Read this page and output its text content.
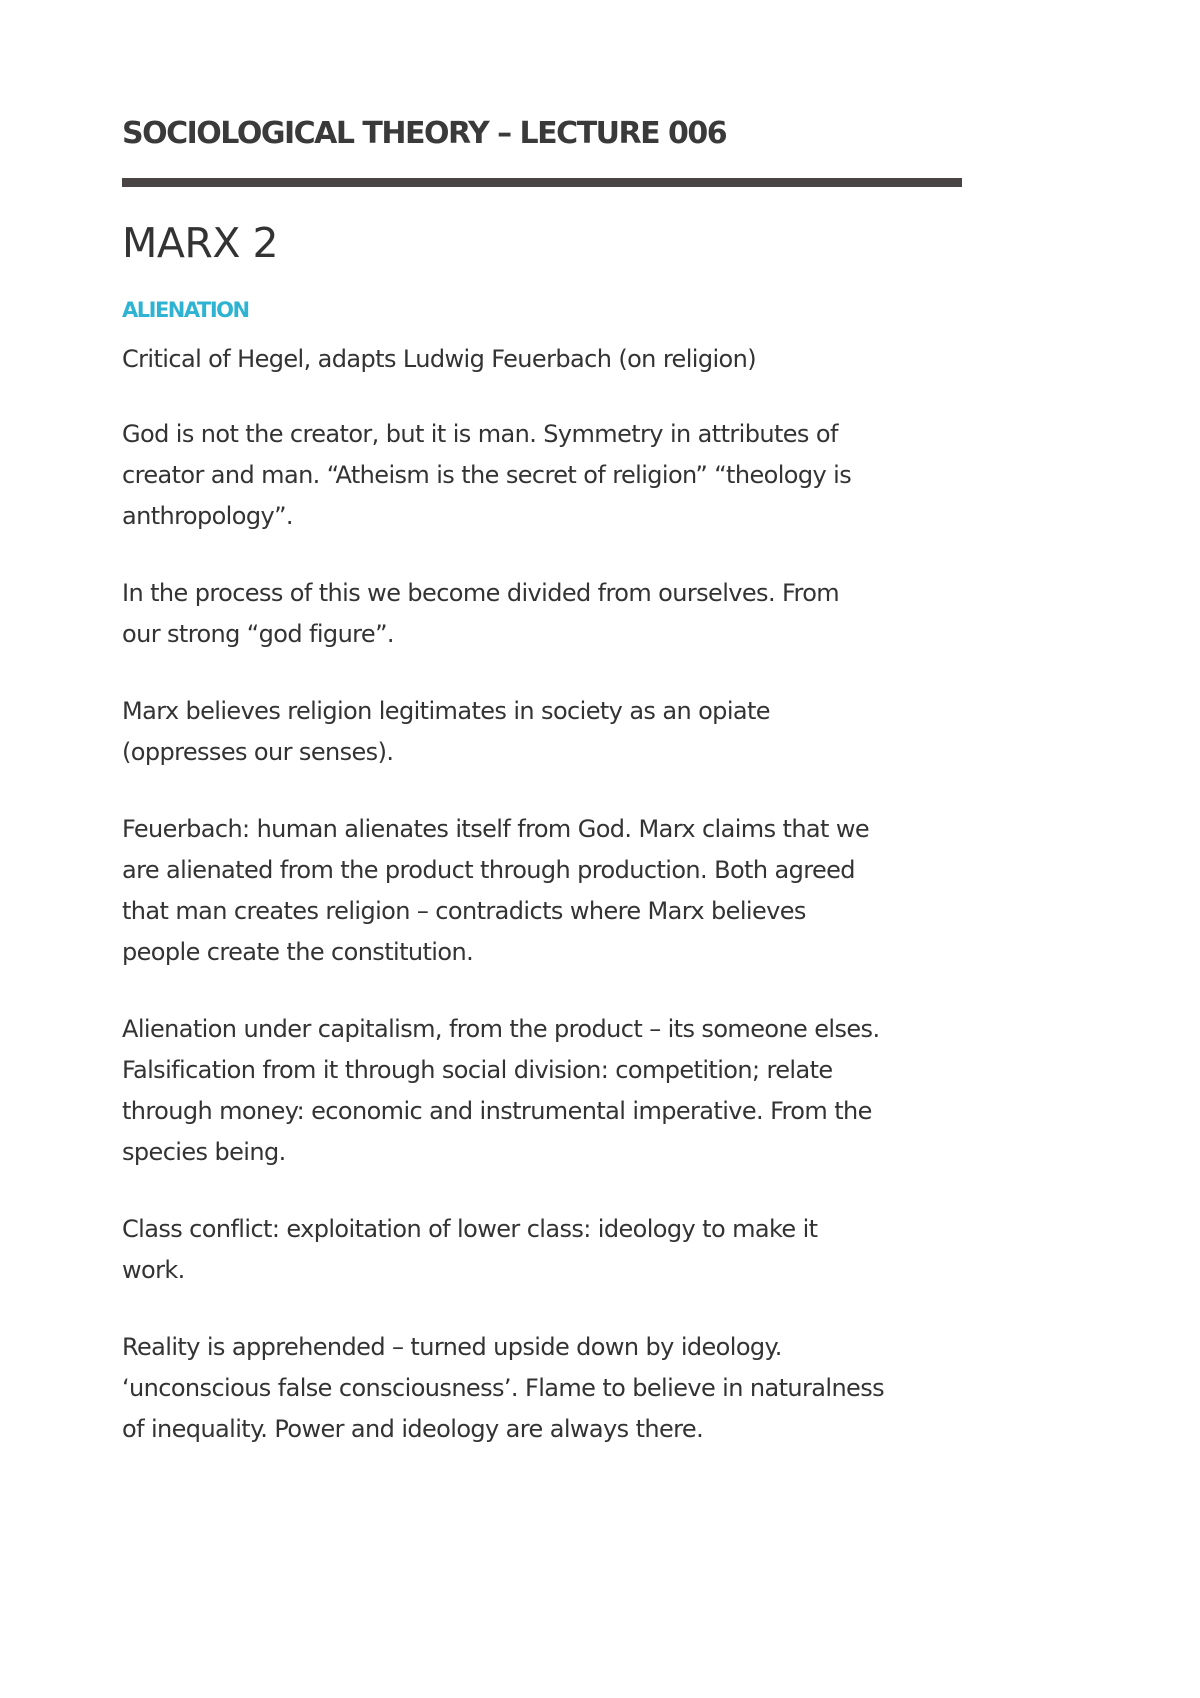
SOCIOLOGICAL THEORY – LECTURE 006
MARX 2
ALIENATION

Critical of Hegel, adapts Ludwig Feuerbach (on religion)

God is not the creator, but it is man. Symmetry in attributes of
creator and man. “Atheism is the secret of religion” “theology is
anthropology”.

In the process of this we become divided from ourselves. From
our strong “god figure”.

Marx believes religion legitimates in society as an opiate
(oppresses our senses).

Feuerbach: human alienates itself from God. Marx claims that we
are alienated from the product through production. Both agreed
that man creates religion – contradicts where Marx believes
people create the constitution.

Alienation under capitalism, from the product – its someone elses.
Falsification from it through social division: competition; relate
through money: economic and instrumental imperative. From the
species being.

Class conflict: exploitation of lower class: ideology to make it
work.

Reality is apprehended – turned upside down by ideology.
‘unconscious false consciousness’. Flame to believe in naturalness
of inequality. Power and ideology are always there.
